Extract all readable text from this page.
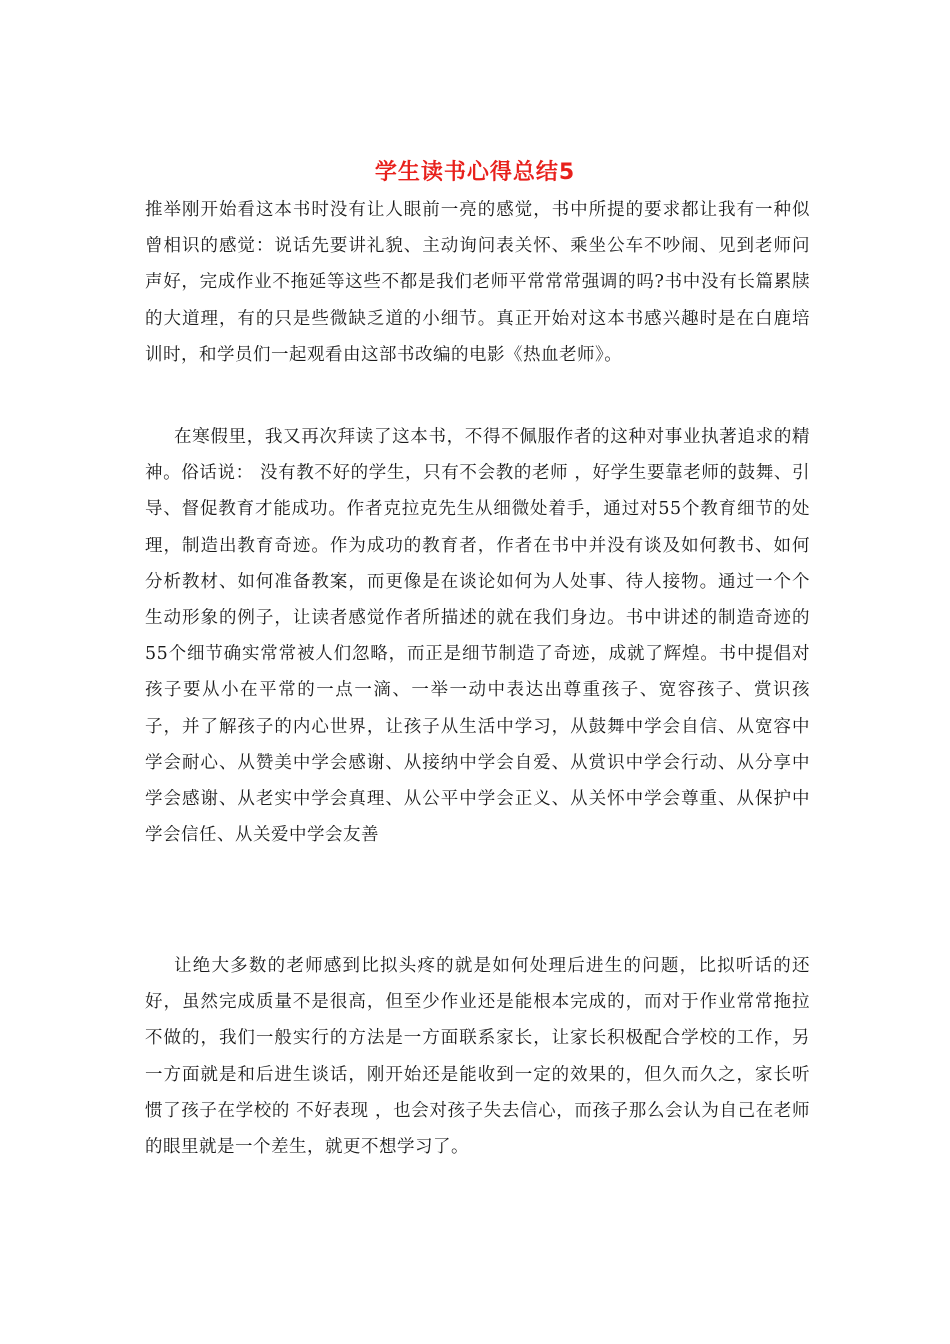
学生读书心得总结5

推举刚开始看这本书时没有让人眼前一亮的感觉，书中所提的要求都让我有一种似曾相识的感觉：说话先要讲礼貌、主动询问表关怀、乘坐公车不吵闹、见到老师问声好，完成作业不拖延等这些不都是我们老师平常常常强调的吗?书中没有长篇累牍的大道理，有的只是些微缺乏道的小细节。真正开始对这本书感兴趣时是在白鹿培训时，和学员们一起观看由这部书改编的电影《热血老师》。

在寒假里，我又再次拜读了这本书，不得不佩服作者的这种对事业执著追求的精神。俗话说： 没有教不好的学生，只有不会教的老师 ，好学生要靠老师的鼓舞、引导、督促教育才能成功。作者克拉克先生从细微处着手，通过对55个教育细节的处理，制造出教育奇迹。作为成功的教育者，作者在书中并没有谈及如何教书、如何分析教材、如何准备教案，而更像是在谈论如何为人处事、待人接物。通过一个个生动形象的例子，让读者感觉作者所描述的就在我们身边。书中讲述的制造奇迹的55个细节确实常常被人们忽略，而正是细节制造了奇迹，成就了辉煌。书中提倡对孩子要从小在平常的一点一滴、一举一动中表达出尊重孩子、宽容孩子、赏识孩子，并了解孩子的内心世界，让孩子从生活中学习，从鼓舞中学会自信、从宽容中学会耐心、从赞美中学会感谢、从接纳中学会自爱、从赏识中学会行动、从分享中学会感谢、从老实中学会真理、从公平中学会正义、从关怀中学会尊重、从保护中学会信任、从关爱中学会友善

让绝大多数的老师感到比拟头疼的就是如何处理后进生的问题，比拟听话的还好，虽然完成质量不是很高，但至少作业还是能根本完成的，而对于作业常常拖拉不做的，我们一般实行的方法是一方面联系家长，让家长积极配合学校的工作，另一方面就是和后进生谈话，刚开始还是能收到一定的效果的，但久而久之，家长听惯了孩子在学校的 不好表现 ，也会对孩子失去信心，而孩子那么会认为自己在老师的眼里就是一个差生，就更不想学习了。
